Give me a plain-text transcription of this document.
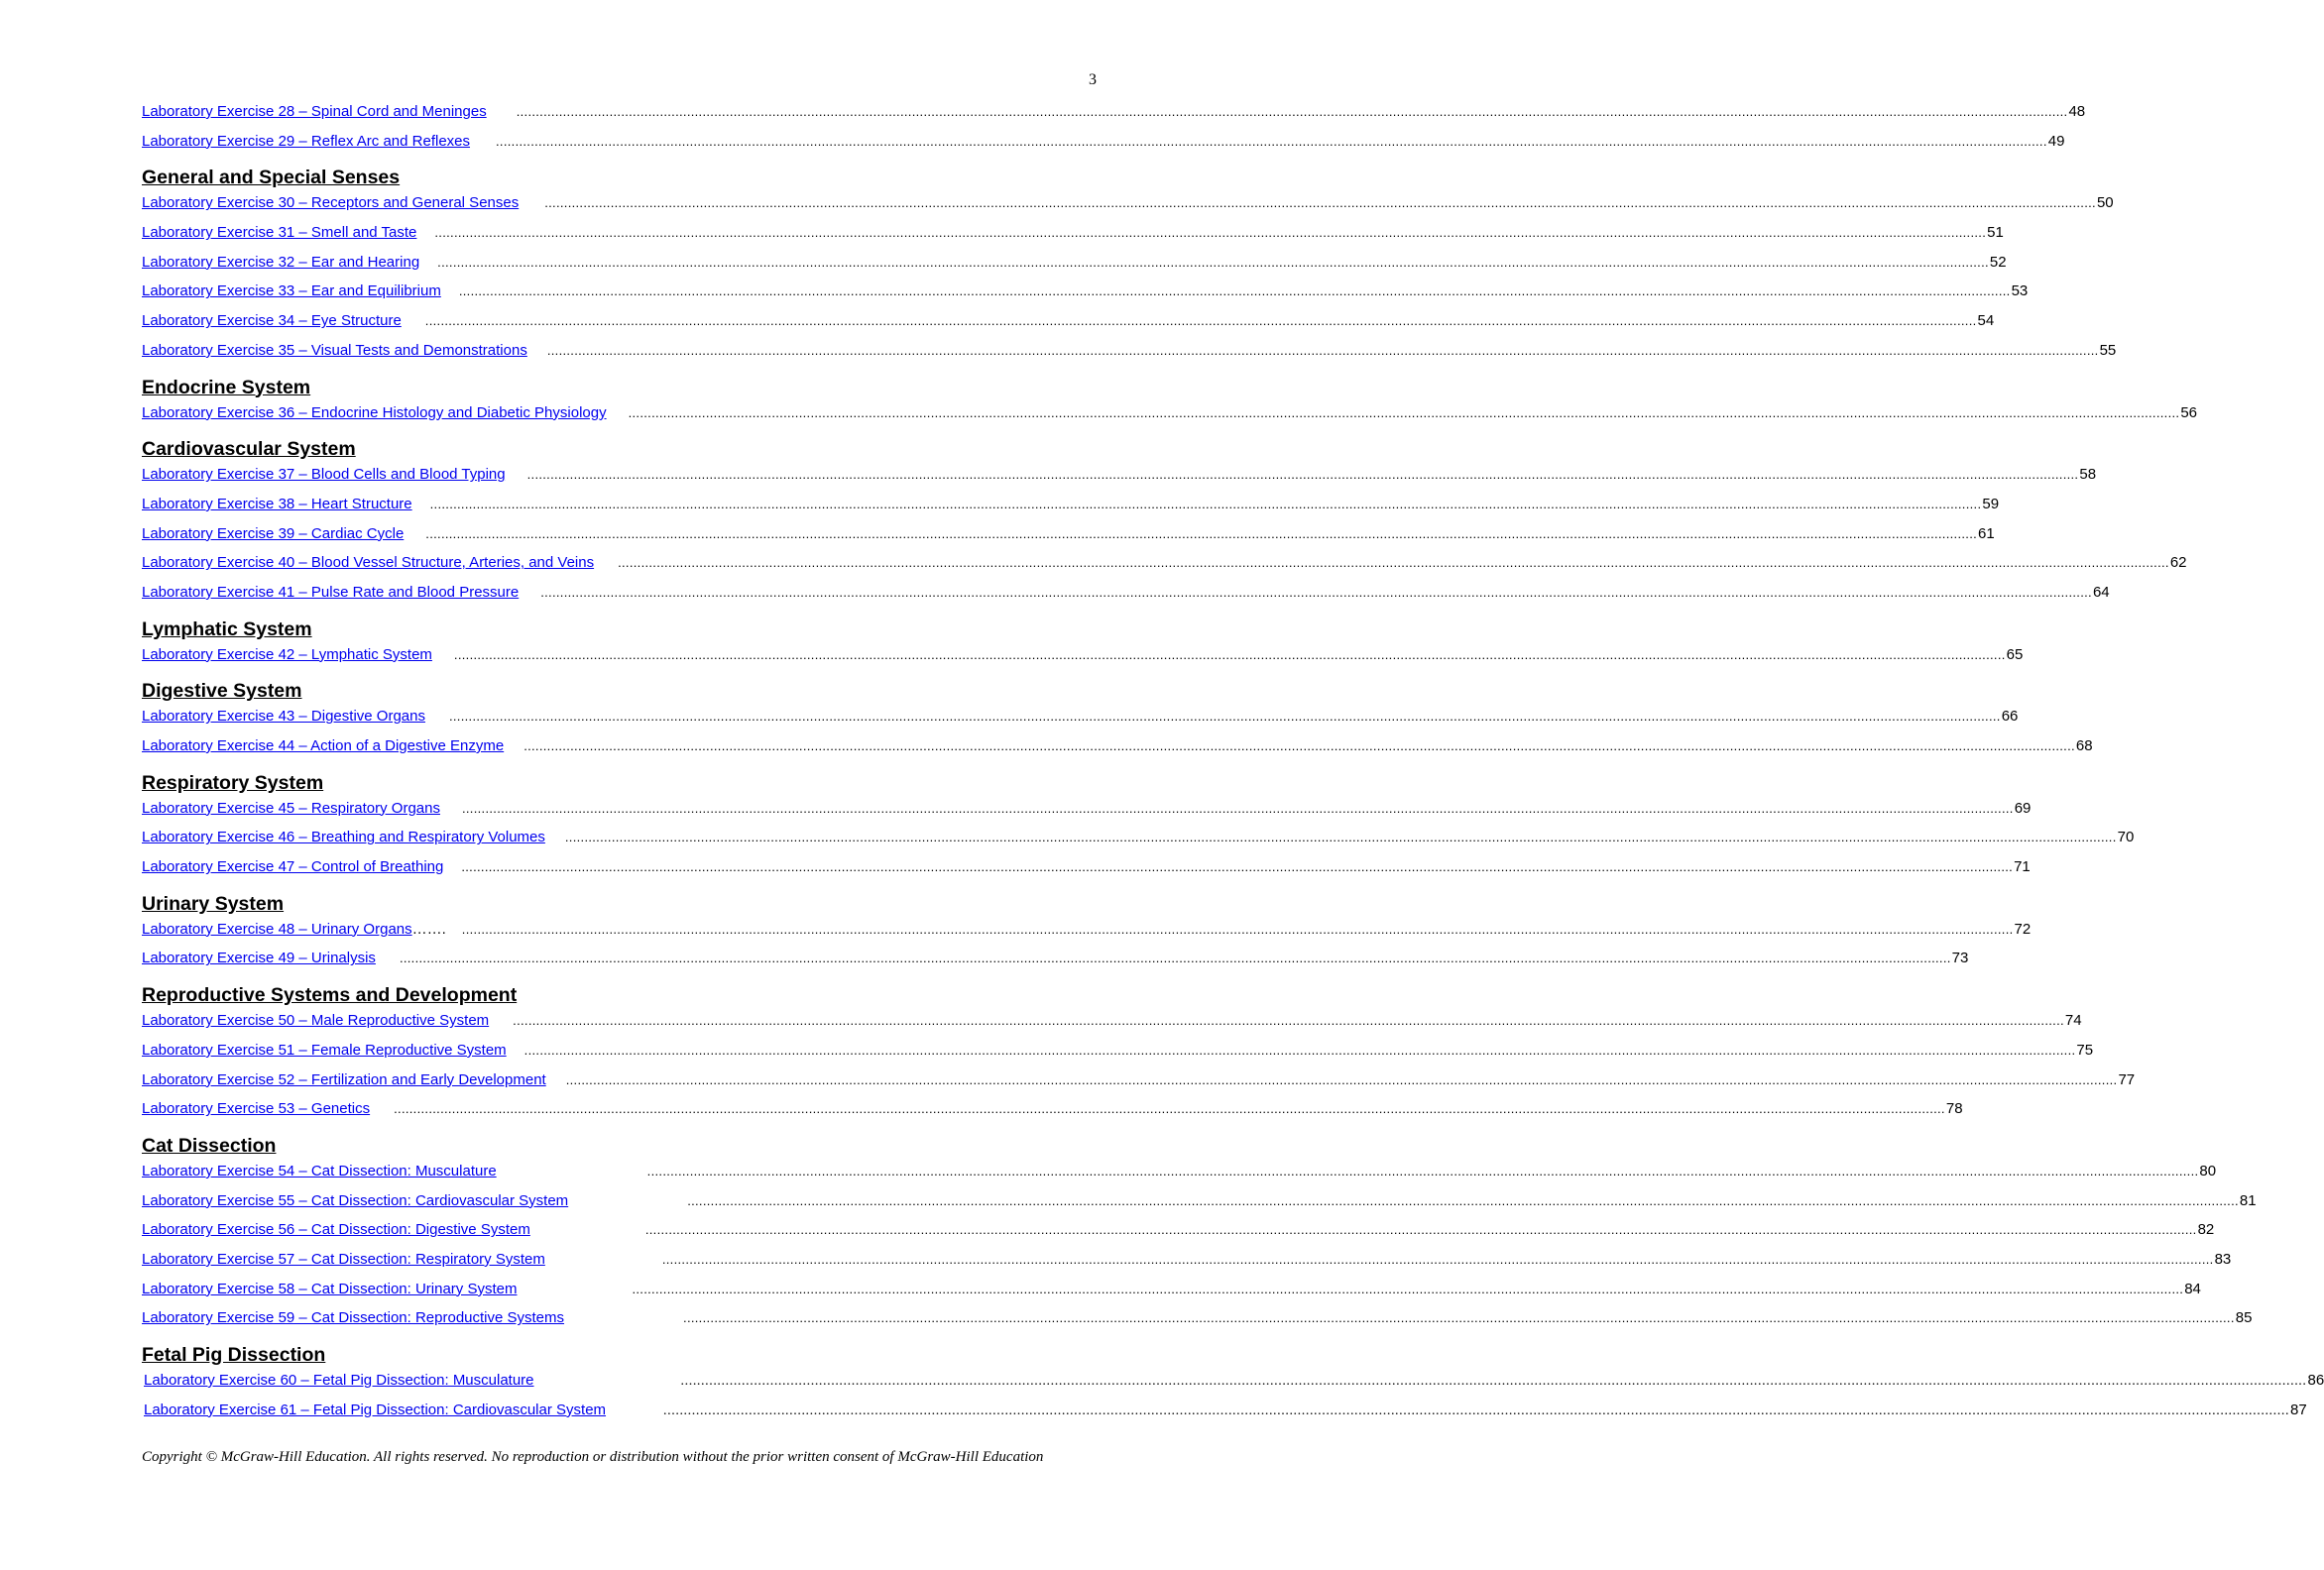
3
Laboratory Exercise 28 – Spinal Cord and Meninges ................................................................................................................................................................................................................................................................................................................................................................................................................ 48
Laboratory Exercise 29 – Reflex Arc and Reflexes ................................................................................................................................................................................................................................................................................................................................................................................................................ 49
General and Special Senses
Laboratory Exercise 30 – Receptors and General Senses ................................................................................................................................................................................................................................................................................................................................................................................................................ 50
Laboratory Exercise 31 – Smell and Taste ................................................................................................................................................................................................................................................................................................................................................................................................................ 51
Laboratory Exercise 32 – Ear and Hearing ................................................................................................................................................................................................................................................................................................................................................................................................................ 52
Laboratory Exercise 33 – Ear and Equilibrium ................................................................................................................................................................................................................................................................................................................................................................................................................ 53
Laboratory Exercise 34 – Eye Structure ................................................................................................................................................................................................................................................................................................................................................................................................................ 54
Laboratory Exercise 35 – Visual Tests and Demonstrations ................................................................................................................................................................................................................................................................................................................................................................................................................ 55
Endocrine System
Laboratory Exercise 36 – Endocrine Histology and Diabetic Physiology ................................................................................................................................................................................................................................................................................................................................................................................................................ 56
Cardiovascular System
Laboratory Exercise 37 – Blood Cells and Blood Typing ................................................................................................................................................................................................................................................................................................................................................................................................................ 58
Laboratory Exercise 38 – Heart Structure ................................................................................................................................................................................................................................................................................................................................................................................................................ 59
Laboratory Exercise 39 – Cardiac Cycle ................................................................................................................................................................................................................................................................................................................................................................................................................ 61
Laboratory Exercise 40 – Blood Vessel Structure, Arteries, and Veins ................................................................................................................................................................................................................................................................................................................................................................................................................ 62
Laboratory Exercise 41 – Pulse Rate and Blood Pressure ................................................................................................................................................................................................................................................................................................................................................................................................................ 64
Lymphatic System
Laboratory Exercise 42 – Lymphatic System ................................................................................................................................................................................................................................................................................................................................................................................................................ 65
Digestive System
Laboratory Exercise 43 – Digestive Organs ................................................................................................................................................................................................................................................................................................................................................................................................................ 66
Laboratory Exercise 44 – Action of a Digestive Enzyme ................................................................................................................................................................................................................................................................................................................................................................................................................ 68
Respiratory System
Laboratory Exercise 45 – Respiratory Organs ................................................................................................................................................................................................................................................................................................................................................................................................................ 69
Laboratory Exercise 46 – Breathing and Respiratory Volumes ................................................................................................................................................................................................................................................................................................................................................................................................................ 70
Laboratory Exercise 47 – Control of Breathing ................................................................................................................................................................................................................................................................................................................................................................................................................ 71
Urinary System
Laboratory Exercise 48 – Urinary Organs ……. ................................................................................................................................................................................................................................................................................................................................................................................................................ 72
Laboratory Exercise 49 – Urinalysis ................................................................................................................................................................................................................................................................................................................................................................................................................ 73
Reproductive Systems and Development
Laboratory Exercise 50 – Male Reproductive System ................................................................................................................................................................................................................................................................................................................................................................................................................ 74
Laboratory Exercise 51 – Female Reproductive System ................................................................................................................................................................................................................................................................................................................................................................................................................ 75
Laboratory Exercise 52 – Fertilization and Early Development ................................................................................................................................................................................................................................................................................................................................................................................................................ 77
Laboratory Exercise 53 – Genetics ................................................................................................................................................................................................................................................................................................................................................................................................................ 78
Cat Dissection
Laboratory Exercise 54 – Cat Dissection: Musculature	................................................................................................................................................................................................................................................................................................................................................................................................................ 80
Laboratory Exercise 55 – Cat Dissection: Cardiovascular System	................................................................................................................................................................................................................................................................................................................................................................................................................ 81
Laboratory Exercise 56 – Cat Dissection: Digestive System	................................................................................................................................................................................................................................................................................................................................................................................................................ 82
Laboratory Exercise 57 – Cat Dissection: Respiratory System	................................................................................................................................................................................................................................................................................................................................................................................................................ 83
Laboratory Exercise 58 – Cat Dissection: Urinary System	................................................................................................................................................................................................................................................................................................................................................................................................................ 84
Laboratory Exercise 59 – Cat Dissection: Reproductive Systems	................................................................................................................................................................................................................................................................................................................................................................................................................ 85
Fetal Pig Dissection
Laboratory Exercise 60 – Fetal Pig Dissection: Musculature	................................................................................................................................................................................................................................................................................................................................................................................................................ 86
Laboratory Exercise 61 – Fetal Pig Dissection: Cardiovascular System	................................................................................................................................................................................................................................................................................................................................................................................................................ 87
Copyright © McGraw-Hill Education. All rights reserved. No reproduction or distribution without the prior written consent of McGraw-Hill Education
